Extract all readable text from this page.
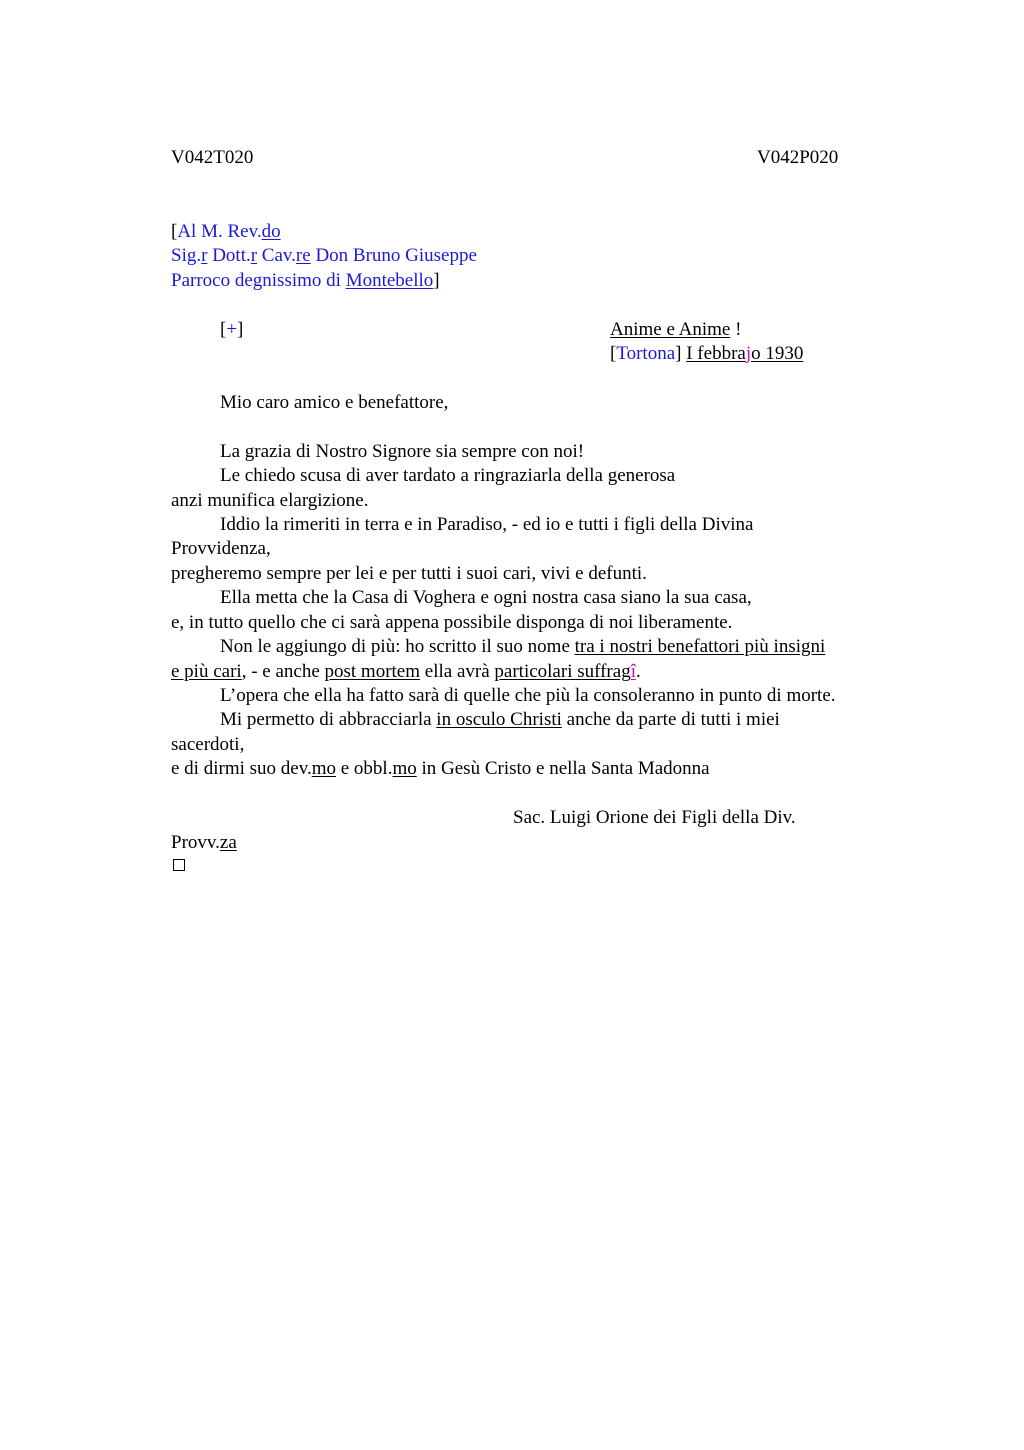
V042T020	V042P020
[Al M. Rev.do
Sig.r Dott.r Cav.re Don Bruno Giuseppe
Parroco degnissimo di Montebello]
[+]	Anime e Anime !
[Tortona] I febbrajo 1930
Mio caro amico e benefattore,
La grazia di Nostro Signore sia sempre con noi!
Le chiedo scusa di aver tardato a ringraziarla della generosa
anzi munifica elargizione.
Iddio la rimeriti in terra e in Paradiso, - ed io e tutti i figli della Divina
Provvidenza,
pregheremo sempre per lei e per tutti i suoi cari, vivi e defunti.
Ella metta che la Casa di Voghera e ogni nostra casa siano la sua casa,
e, in tutto quello che ci sarà appena possibile disponga di noi liberamente.
Non le aggiungo di più: ho scritto il suo nome tra i nostri benefattori più insigni
e più cari, - e anche post mortem ella avrà particolari suffragî.
L’opera che ella ha fatto sarà di quelle che più la consoleranno in punto di morte.
Mi permetto di abbracciarla in osculo Christi anche da parte di tutti i miei
sacerdoti,
e di dirmi suo dev.mo e obbl.mo in Gesù Cristo e nella Santa Madonna
Sac. Luigi Orione dei Figli della Div.
Provv.za
